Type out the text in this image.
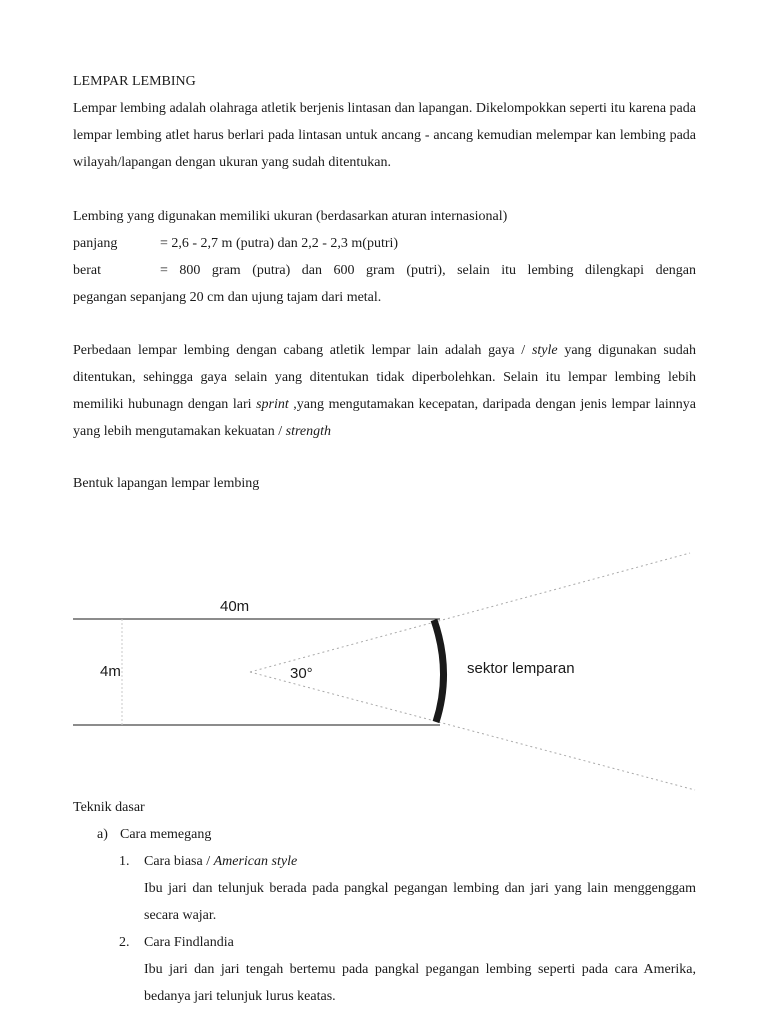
LEMPAR LEMBING

Lempar lembing adalah olahraga atletik berjenis lintasan dan lapangan. Dikelompokkan seperti itu karena pada lempar lembing atlet harus berlari pada lintasan untuk ancang - ancang kemudian melempar kan lembing pada wilayah/lapangan dengan ukuran yang sudah ditentukan.

Lembing yang digunakan memiliki ukuran (berdasarkan aturan internasional)
panjang	= 2,6 - 2,7 m (putra) dan 2,2 - 2,3 m(putri)
berat	= 800 gram (putra) dan 600 gram (putri), selain itu lembing dilengkapi dengan
pegangan sepanjang 20 cm dan ujung tajam dari metal.

Perbedaan lempar lembing dengan cabang atletik lempar lain adalah gaya / style yang digunakan sudah ditentukan, sehingga gaya selain yang ditentukan tidak diperbolehkan. Selain itu lempar lembing lebih memiliki hubunagn dengan lari sprint ,yang mengutamakan kecepatan, daripada dengan jenis lempar lainnya yang lebih mengutamakan kekuatan / strength

Bentuk lapangan lempar lembing
40m
4m	30°	sektor lemparan
Teknik dasar
a) Cara memegang
1. Cara biasa / American style

Ibu jari dan telunjuk berada pada pangkal pegangan lembing dan jari yang lain menggenggam secara wajar.

2. Cara Findlandia

Ibu jari dan jari tengah bertemu pada pangkal pegangan lembing seperti pada cara Amerika, bedanya jari telunjuk lurus keatas.
